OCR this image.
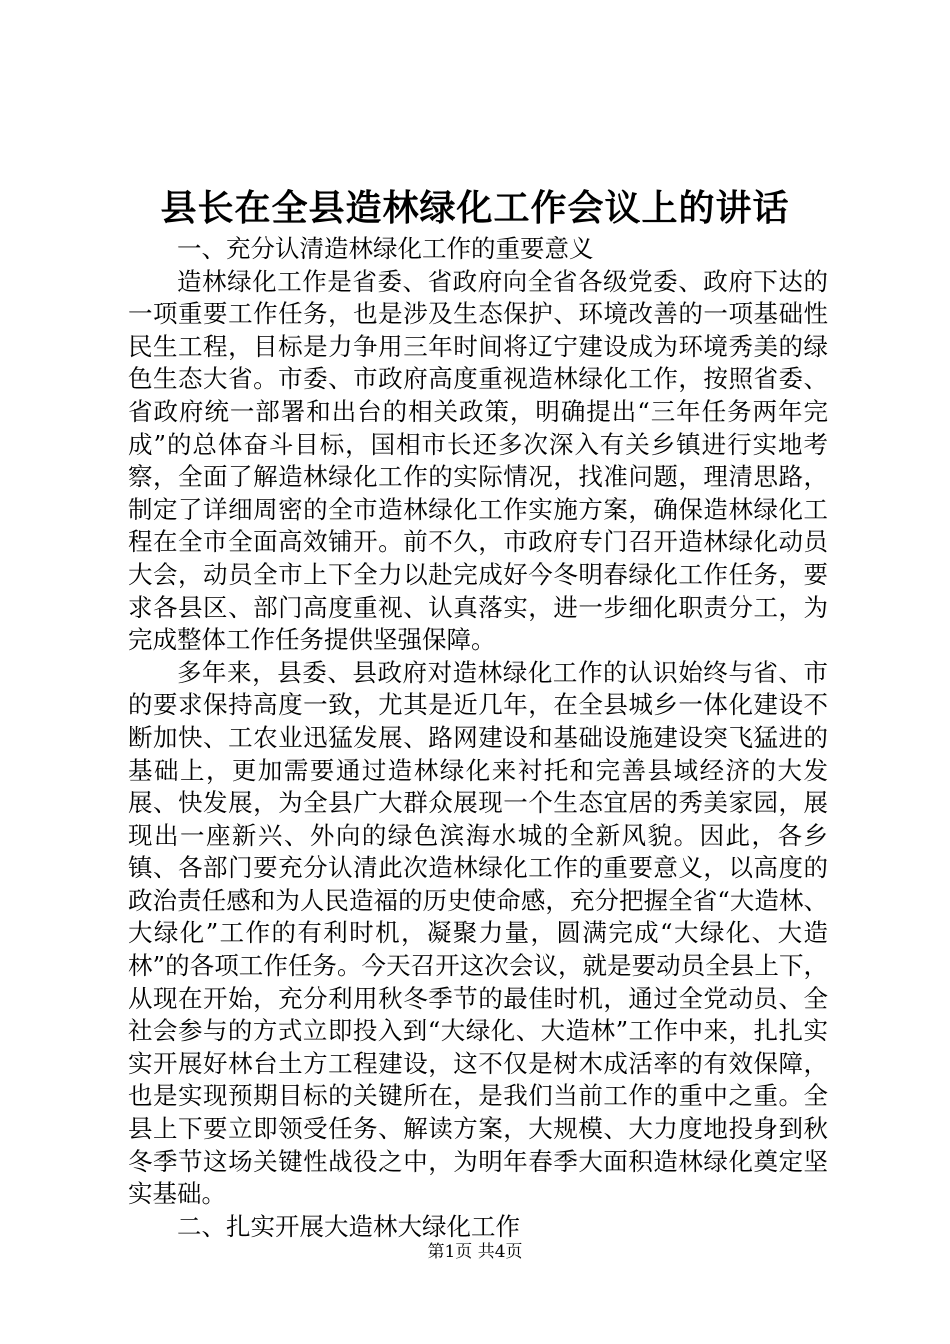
县长在全县造林绿化工作会议上的讲话

一、充分认清造林绿化工作的重要意义

造林绿化工作是省委、省政府向全省各级党委、政府下达的一项重要工作任务，也是涉及生态保护、环境改善的一项基础性民生工程，目标是力争用三年时间将辽宁建设成为环境秀美的绿色生态大省。市委、市政府高度重视造林绿化工作，按照省委、省政府统一部署和出台的相关政策，明确提出“三年任务两年完成”的总体奋斗目标，国相市长还多次深入有关乡镇进行实地考察，全面了解造林绿化工作的实际情况，找准问题，理清思路，制定了详细周密的全市造林绿化工作实施方案，确保造林绿化工程在全市全面高效铺开。前不久，市政府专门召开造林绿化动员大会，动员全市上下全力以赴完成好今冬明春绿化工作任务，要求各县区、部门高度重视、认真落实，进一步细化职责分工，为完成整体工作任务提供坚强保障。

多年来，县委、县政府对造林绿化工作的认识始终与省、市的要求保持高度一致，尤其是近几年，在全县城乡一体化建设不断加快、工农业迅猛发展、路网建设和基础设施建设突飞猛进的基础上，更加需要通过造林绿化来衬托和完善县域经济的大发展、快发展，为全县广大群众展现一个生态宜居的秀美家园，展现出一座新兴、外向的绿色滨海水城的全新风貌。因此，各乡镇、各部门要充分认清此次造林绿化工作的重要意义，以高度的政治责任感和为人民造福的历史使命感，充分把握全省“大造林、大绿化”工作的有利时机，凝聚力量，圆满完成“大绿化、大造林”的各项工作任务。今天召开这次会议，就是要动员全县上下，从现在开始，充分利用秋冬季节的最佳时机，通过全党动员、全社会参与的方式立即投入到“大绿化、大造林”工作中来，扎扎实实开展好林台土方工程建设，这不仅是树木成活率的有效保障，也是实现预期目标的关键所在，是我们当前工作的重中之重。全县上下要立即领受任务、解读方案，大规模、大力度地投身到秋冬季节这场关键性战役之中，为明年春季大面积造林绿化奠定坚实基础。

二、扎实开展大造林大绿化工作

第1页 共4页
